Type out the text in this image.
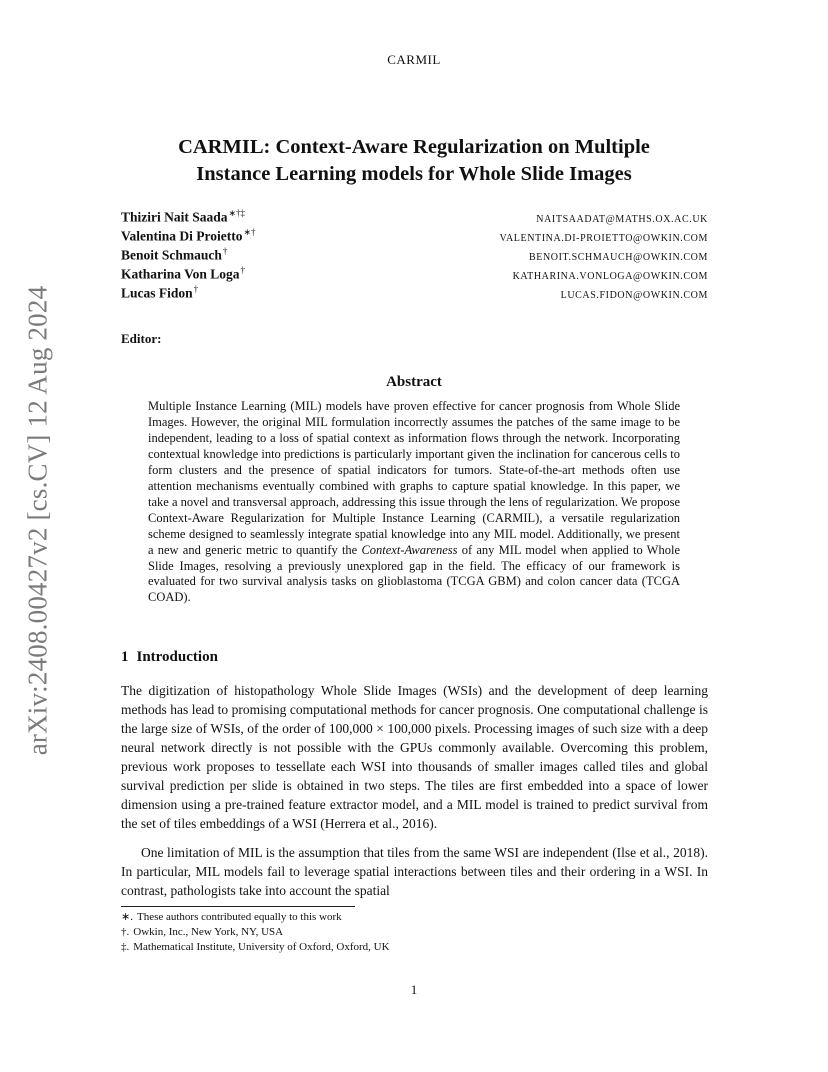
arXiv:2408.00427v2 [cs.CV] 12 Aug 2024
CARMIL
CARMIL: Context-Aware Regularization on Multiple
Instance Learning models for Whole Slide Images
Thiziri Nait Saada∗†‡
NAITSAADAT@MATHS.OX.AC.UK
Valentina Di Proietto∗†
VALENTINA.DI-PROIETTO@OWKIN.COM
Benoit Schmauch†
BENOIT.SCHMAUCH@OWKIN.COM
Katharina Von Loga†
KATHARINA.VONLOGA@OWKIN.COM
Lucas Fidon†
LUCAS.FIDON@OWKIN.COM
Editor:
Abstract
Multiple Instance Learning (MIL) models have proven effective for cancer prognosis from Whole Slide Images. However, the original MIL formulation incorrectly assumes the patches of the same image to be independent, leading to a loss of spatial context as information flows through the network. Incorporating contextual knowledge into predictions is particularly important given the inclination for cancerous cells to form clusters and the presence of spatial indicators for tumors. State-of-the-art methods often use attention mechanisms eventually combined with graphs to capture spatial knowledge. In this paper, we take a novel and transversal approach, addressing this issue through the lens of regularization. We propose Context-Aware Regularization for Multiple Instance Learning (CARMIL), a versatile regularization scheme designed to seamlessly integrate spatial knowledge into any MIL model. Additionally, we present a new and generic metric to quantify the Context-Awareness of any MIL model when applied to Whole Slide Images, resolving a previously unexplored gap in the field. The efficacy of our framework is evaluated for two survival analysis tasks on glioblastoma (TCGA GBM) and colon cancer data (TCGA COAD).
1 Introduction

The digitization of histopathology Whole Slide Images (WSIs) and the development of deep learning methods has lead to promising computational methods for cancer prognosis. One computational challenge is the large size of WSIs, of the order of 100,000 × 100,000 pixels. Processing images of such size with a deep neural network directly is not possible with the GPUs commonly available. Overcoming this problem, previous work proposes to tessellate each WSI into thousands of smaller images called tiles and global survival prediction per slide is obtained in two steps. The tiles are first embedded into a space of lower dimension using a pre-trained feature extractor model, and a MIL model is trained to predict survival from the set of tiles embeddings of a WSI (Herrera et al., 2016).

One limitation of MIL is the assumption that tiles from the same WSI are independent (Ilse et al., 2018). In particular, MIL models fail to leverage spatial interactions between tiles and their ordering in a WSI. In contrast, pathologists take into account the spatial

∗. These authors contributed equally to this work
†. Owkin, Inc., New York, NY, USA
‡. Mathematical Institute, University of Oxford, Oxford, UK
1
